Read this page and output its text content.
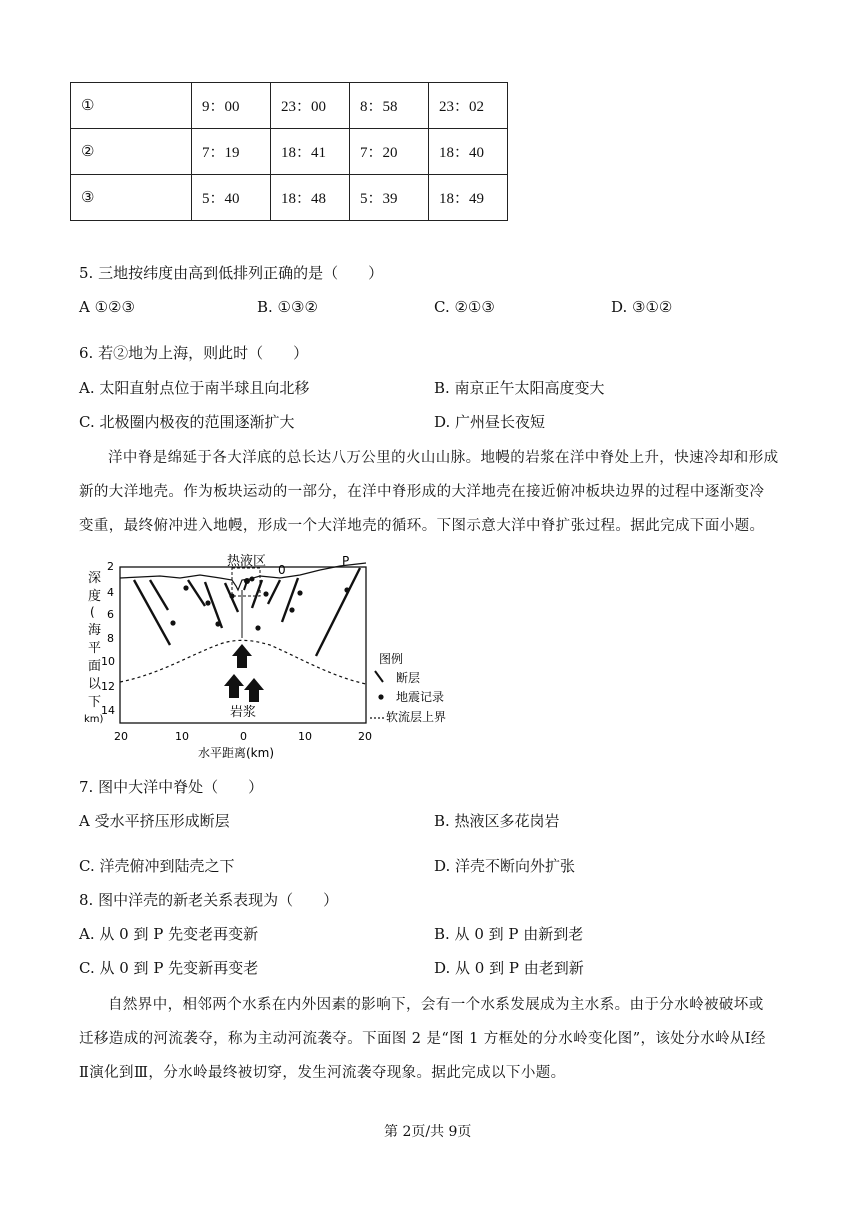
①	9：00	23：00	8：58	23：02
②	7：19	18：41	7：20	18：40
③	5：40	18：48	5：39	18：49
5. 三地按纬度由高到低排列正确的是（　　）
A ①②③	B. ①③②	C. ②①③	D. ③①②
6. 若②地为上海，则此时（　　）
A. 太阳直射点位于南半球且向北移	B. 南京正午太阳高度变大
C. 北极圈内极夜的范围逐渐扩大	D. 广州昼长夜短
洋中脊是绵延于各大洋底的总长达八万公里的火山山脉。地幔的岩浆在洋中脊处上升，快速冷却和形成
新的大洋地壳。作为板块运动的一部分，在洋中脊形成的大洋地壳在接近俯冲板块边界的过程中逐渐变冷
变重，最终俯冲进入地幔，形成一个大洋地壳的循环。下图示意大洋中脊扩张过程。据此完成下面小题。
深
度
(
海
平
面
以
下
km)
2
4
6
8
10
12
14
热液区
0
P
岩浆
20	10	0	10	20
水平距离(km)
图例
断层
地震记录
软流层上界
7. 图中大洋中脊处（　　）
A 受水平挤压形成断层	B. 热液区多花岗岩
C. 洋壳俯冲到陆壳之下	D. 洋壳不断向外扩张
8. 图中洋壳的新老关系表现为（　　）
A. 从 0 到 P 先变老再变新	B. 从 0 到 P 由新到老
C. 从 0 到 P 先变新再变老	D. 从 0 到 P 由老到新
自然界中，相邻两个水系在内外因素的影响下，会有一个水系发展成为主水系。由于分水岭被破坏或
迁移造成的河流袭夺，称为主动河流袭夺。下面图 2 是“图 1 方框处的分水岭变化图”，该处分水岭从Ⅰ经
Ⅱ演化到Ⅲ，分水岭最终被切穿，发生河流袭夺现象。据此完成以下小题。
第 2页/共 9页
